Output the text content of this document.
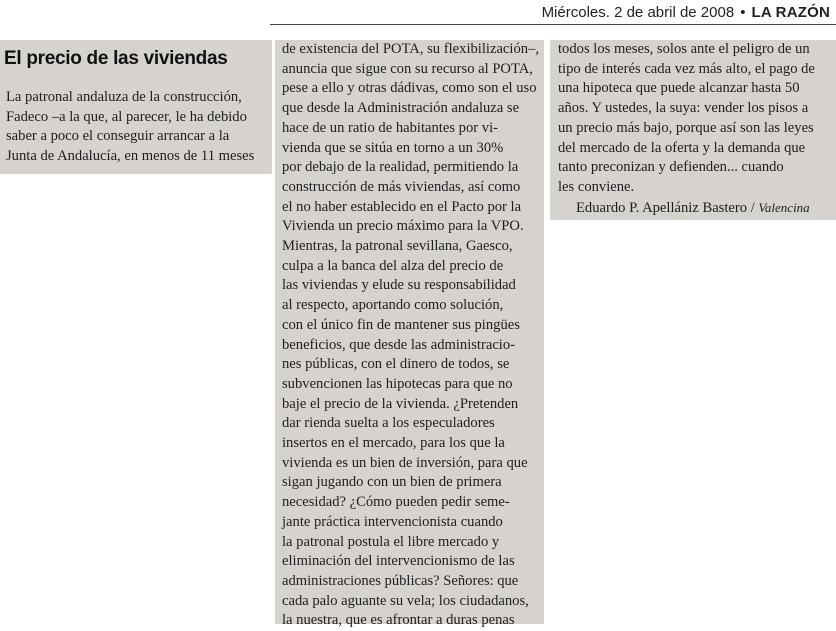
Miércoles. 2 de abril de 2008 • LA RAZÓN
El precio de las viviendas
La patronal andaluza de la construcción,
Fadeco –a la que, al parecer, le ha debido
saber a poco el conseguir arrancar a la
Junta de Andalucía, en menos de 11 meses
de existencia del POTA, su flexibilización–,
anuncia que sigue con su recurso al POTA,
pese a ello y otras dádivas, como son el uso
que desde la Administración andaluza se
hace de un ratio de habitantes por vi-
vienda que se sitúa en torno a un 30%
por debajo de la realidad, permitiendo la
construcción de más viviendas, así como
el no haber establecido en el Pacto por la
Vivienda un precio máximo para la VPO.
Mientras, la patronal sevillana, Gaesco,
culpa a la banca del alza del precio de
las viviendas y elude su responsabilidad
al respecto, aportando como solución,
con el único fin de mantener sus pingües
beneficios, que desde las administracio-
nes públicas, con el dinero de todos, se
subvencionen las hipotecas para que no
baje el precio de la vivienda. ¿Pretenden
dar rienda suelta a los especuladores
insertos en el mercado, para los que la
vivienda es un bien de inversión, para que
sigan jugando con un bien de primera
necesidad? ¿Cómo pueden pedir seme-
jante práctica intervencionista cuando
la patronal postula el libre mercado y
eliminación del intervencionismo de las
administraciones públicas? Señores: que
cada palo aguante su vela; los ciudadanos,
la nuestra, que es afrontar a duras penas
todos los meses, solos ante el peligro de un
tipo de interés cada vez más alto, el pago de
una hipoteca que puede alcanzar hasta 50
años. Y ustedes, la suya: vender los pisos a
un precio más bajo, porque así son las leyes
del mercado de la oferta y la demanda que
tanto preconizan y defienden... cuando
les conviene.
Eduardo P. Apellániz Bastero / Valencina
